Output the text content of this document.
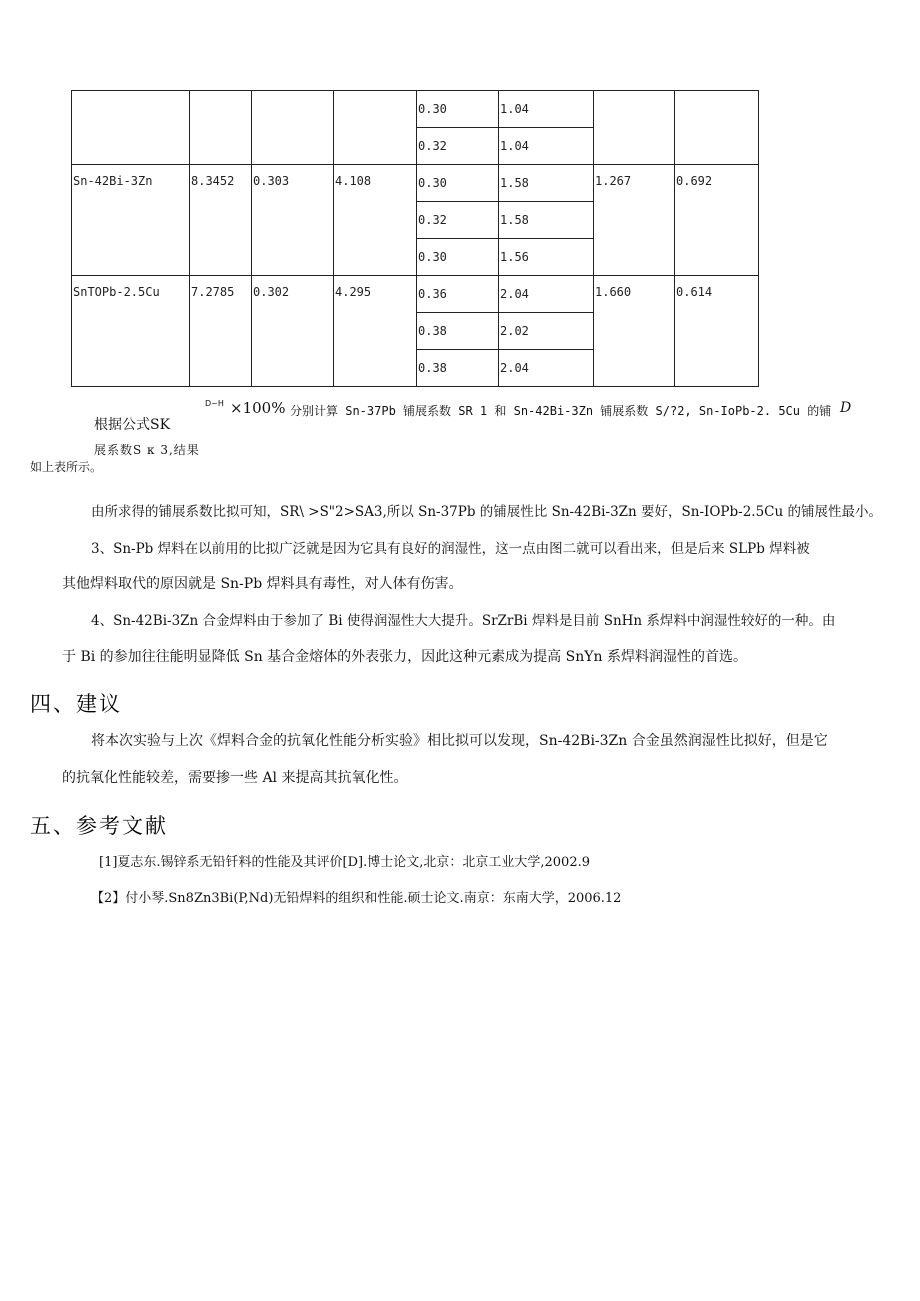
				0.30	1.04		
				0.32	1.04		
Sn-42Bi-3Zn	8.3452	0.303	4.108	0.30	1.58	1.267	0.692
				0.32	1.58		
				0.30	1.56		
SnTOPb-2.5Cu	7.2785	0.302	4.295	0.36	2.04	1.660	0.614
				0.38	2.02		
				0.38	2.04		
D~H ×100% 分别计算 Sn-37Pb 铺展系数 SR 1 和 Sn-42Bi-3Zn 铺展系数 S/?2, Sn-IoPb-2. 5Cu 的铺 D
根据公式SK
展系数S κ 3,结果
如上表所示。
由所求得的铺展系数比拟可知，SR\ >S"2>SA3,所以 Sn-37Pb 的铺展性比 Sn-42Bi-3Zn 要好，Sn-IOPb-2.5Cu 的铺展性最小。
3、Sn-Pb 焊料在以前用的比拟广泛就是因为它具有良好的润湿性，这一点由图二就可以看出来，但是后来 SLPb 焊料被
其他焊料取代的原因就是 Sn-Pb 焊料具有毒性，对人体有伤害。
4、Sn-42Bi-3Zn 合金焊料由于参加了 Bi 使得润湿性大大提升。SrZrBi 焊料是目前 SnHn 系焊料中润湿性较好的一种。由
于 Bi 的参加往往能明显降低 Sn 基合金熔体的外表张力，因此这种元素成为提高 SnYn 系焊料润湿性的首选。
四、建议
将本次实验与上次《焊料合金的抗氧化性能分析实验》相比拟可以发现，Sn-42Bi-3Zn 合金虽然润湿性比拟好，但是它
的抗氧化性能较差，需要掺一些 Al 来提高其抗氧化性。
五、参考文献
[1]夏志东.锡锌系无铅钎料的性能及其评价[D].博士论文,北京：北京工业大学,2002.9
【2】付小琴.Sn8Zn3Bi(P,Nd)无铅焊料的组织和性能.硕士论文.南京：东南大学，2006.12
